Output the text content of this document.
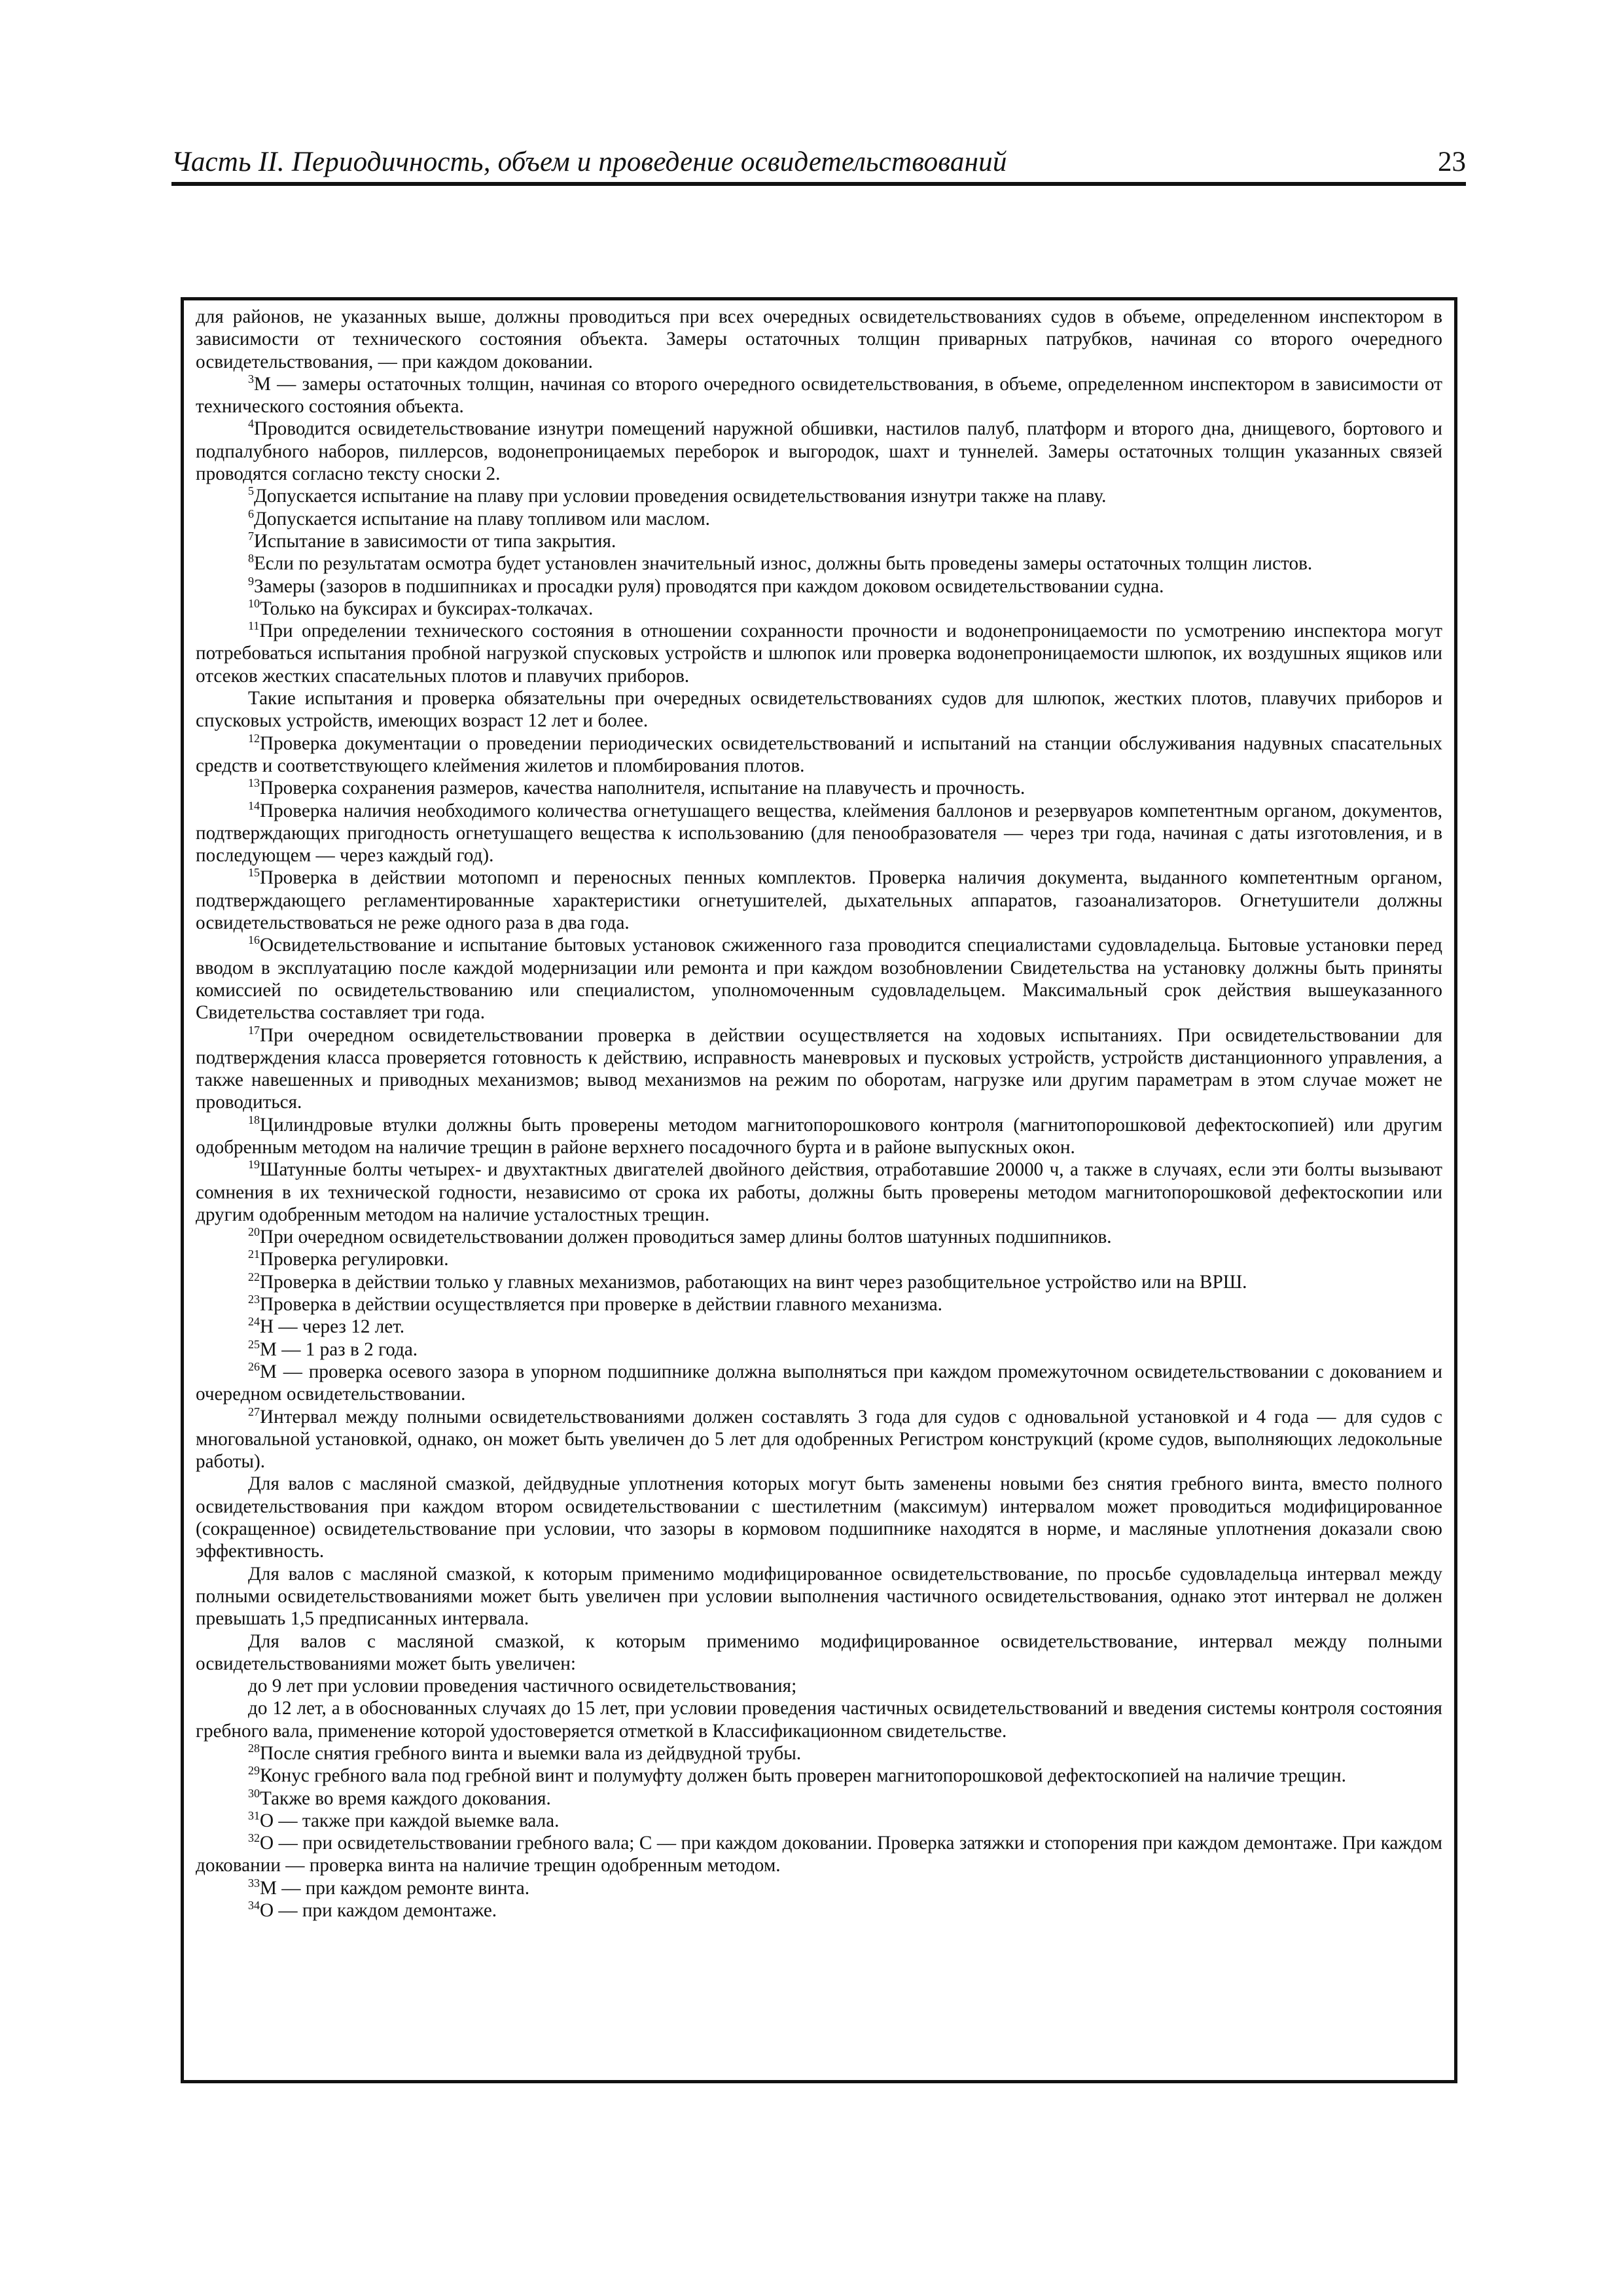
Часть II. Периодичность, объем и проведение освидетельствований	23

для районов, не указанных выше, должны проводиться при всех очередных освидетельствованиях судов в объеме, определенном инспектором в зависимости от технического состояния объекта. Замеры остаточных толщин приварных патрубков, начиная со второго очередного освидетельствования, — при каждом доковании.

$^3$М — замеры остаточных толщин, начиная со второго очередного освидетельствования, в объеме, определенном инспектором в зависимости от технического состояния объекта.

$^4$Проводится освидетельствование изнутри помещений наружной обшивки, настилов палуб, платформ и второго дна, днищевого, бортового и подпалубного наборов, пиллерсов, водонепроницаемых переборок и выгородок, шахт и туннелей. Замеры остаточных толщин указанных связей проводятся согласно тексту сноски 2.

$^5$Допускается испытание на плаву при условии проведения освидетельствования изнутри также на плаву.

$^6$Допускается испытание на плаву топливом или маслом.

$^7$Испытание в зависимости от типа закрытия.

$^8$Если по результатам осмотра будет установлен значительный износ, должны быть проведены замеры остаточных толщин листов.

$^9$Замеры (зазоров в подшипниках и просадки руля) проводятся при каждом доковом освидетельствовании судна.

$^{10}$Только на буксирах и буксирах-толкачах.

$^{11}$При определении технического состояния в отношении сохранности прочности и водонепроницаемости по усмотрению инспектора могут потребоваться испытания пробной нагрузкой спусковых устройств и шлюпок или проверка водонепроницаемости шлюпок, их воздушных ящиков или отсеков жестких спасательных плотов и плавучих приборов.

Такие испытания и проверка обязательны при очередных освидетельствованиях судов для шлюпок, жестких плотов, плавучих приборов и спусковых устройств, имеющих возраст 12 лет и более.

$^{12}$Проверка документации о проведении периодических освидетельствований и испытаний на станции обслуживания надувных спасательных средств и соответствующего клеймения жилетов и пломбирования плотов.

$^{13}$Проверка сохранения размеров, качества наполнителя, испытание на плавучесть и прочность.

$^{14}$Проверка наличия необходимого количества огнетушащего вещества, клеймения баллонов и резервуаров компетентным органом, документов, подтверждающих пригодность огнетушащего вещества к использованию (для пенообразователя — через три года, начиная с даты изготовления, и в последующем — через каждый год).

$^{15}$Проверка в действии мотопомп и переносных пенных комплектов. Проверка наличия документа, выданного компетентным органом, подтверждающего регламентированные характеристики огнетушителей, дыхательных аппаратов, газоанализаторов. Огнетушители должны освидетельствоваться не реже одного раза в два года.

$^{16}$Освидетельствование и испытание бытовых установок сжиженного газа проводится специалистами судовладельца. Бытовые установки перед вводом в эксплуатацию после каждой модернизации или ремонта и при каждом возобновлении Свидетельства на установку должны быть приняты комиссией по освидетельствованию или специалистом, уполномоченным судовладельцем. Максимальный срок действия вышеуказанного Свидетельства составляет три года.

$^{17}$При очередном освидетельствовании проверка в действии осуществляется на ходовых испытаниях. При освидетельствовании для подтверждения класса проверяется готовность к действию, исправность маневровых и пусковых устройств, устройств дистанционного управления, а также навешенных и приводных механизмов; вывод механизмов на режим по оборотам, нагрузке или другим параметрам в этом случае может не проводиться.

$^{18}$Цилиндровые втулки должны быть проверены методом магнитопорошкового контроля (магнитопорошковой дефектоскопией) или другим одобренным методом на наличие трещин в районе верхнего посадочного бурта и в районе выпускных окон.

$^{19}$Шатунные болты четырех- и двухтактных двигателей двойного действия, отработавшие 20000 ч, а также в случаях, если эти болты вызывают сомнения в их технической годности, независимо от срока их работы, должны быть проверены методом магнитопорошковой дефектоскопии или другим одобренным методом на наличие усталостных трещин.

$^{20}$При очередном освидетельствовании должен проводиться замер длины болтов шатунных подшипников.

$^{21}$Проверка регулировки.

$^{22}$Проверка в действии только у главных механизмов, работающих на винт через разобщительное устройство или на ВРШ.

$^{23}$Проверка в действии осуществляется при проверке в действии главного механизма.

$^{24}$Н — через 12 лет.

$^{25}$М — 1 раз в 2 года.

$^{26}$М — проверка осевого зазора в упорном подшипнике должна выполняться при каждом промежуточном освидетельствовании с докованием и очередном освидетельствовании.

$^{27}$Интервал между полными освидетельствованиями должен составлять 3 года для судов с одновальной установкой и 4 года — для судов с многовальной установкой, однако, он может быть увеличен до 5 лет для одобренных Регистром конструкций (кроме судов, выполняющих ледокольные работы).

Для валов с масляной смазкой, дейдвудные уплотнения которых могут быть заменены новыми без снятия гребного винта, вместо полного освидетельствования при каждом втором освидетельствовании с шестилетним (максимум) интервалом может проводиться модифицированное (сокращенное) освидетельствование при условии, что зазоры в кормовом подшипнике находятся в норме, и масляные уплотнения доказали свою эффективность.

Для валов с масляной смазкой, к которым применимо модифицированное освидетельствование, по просьбе судовладельца интервал между полными освидетельствованиями может быть увеличен при условии выполнения частичного освидетельствования, однако этот интервал не должен превышать 1,5 предписанных интервала.

Для валов с масляной смазкой, к которым применимо модифицированное освидетельствование, интервал между полными освидетельствованиями может быть увеличен:

до 9 лет при условии проведения частичного освидетельствования;

до 12 лет, а в обоснованных случаях до 15 лет, при условии проведения частичных освидетельствований и введения системы контроля состояния гребного вала, применение которой удостоверяется отметкой в Классификационном свидетельстве.

$^{28}$После снятия гребного винта и выемки вала из дейдвудной трубы.

$^{29}$Конус гребного вала под гребной винт и полумуфту должен быть проверен магнитопорошковой дефектоскопией на наличие трещин.

$^{30}$Также во время каждого докования.

$^{31}$О — также при каждой выемке вала.

$^{32}$О — при освидетельствовании гребного вала; С — при каждом доковании. Проверка затяжки и стопорения при каждом демонтаже. При каждом доковании — проверка винта на наличие трещин одобренным методом.

$^{33}$М — при каждом ремонте винта.

$^{34}$О — при каждом демонтаже.
